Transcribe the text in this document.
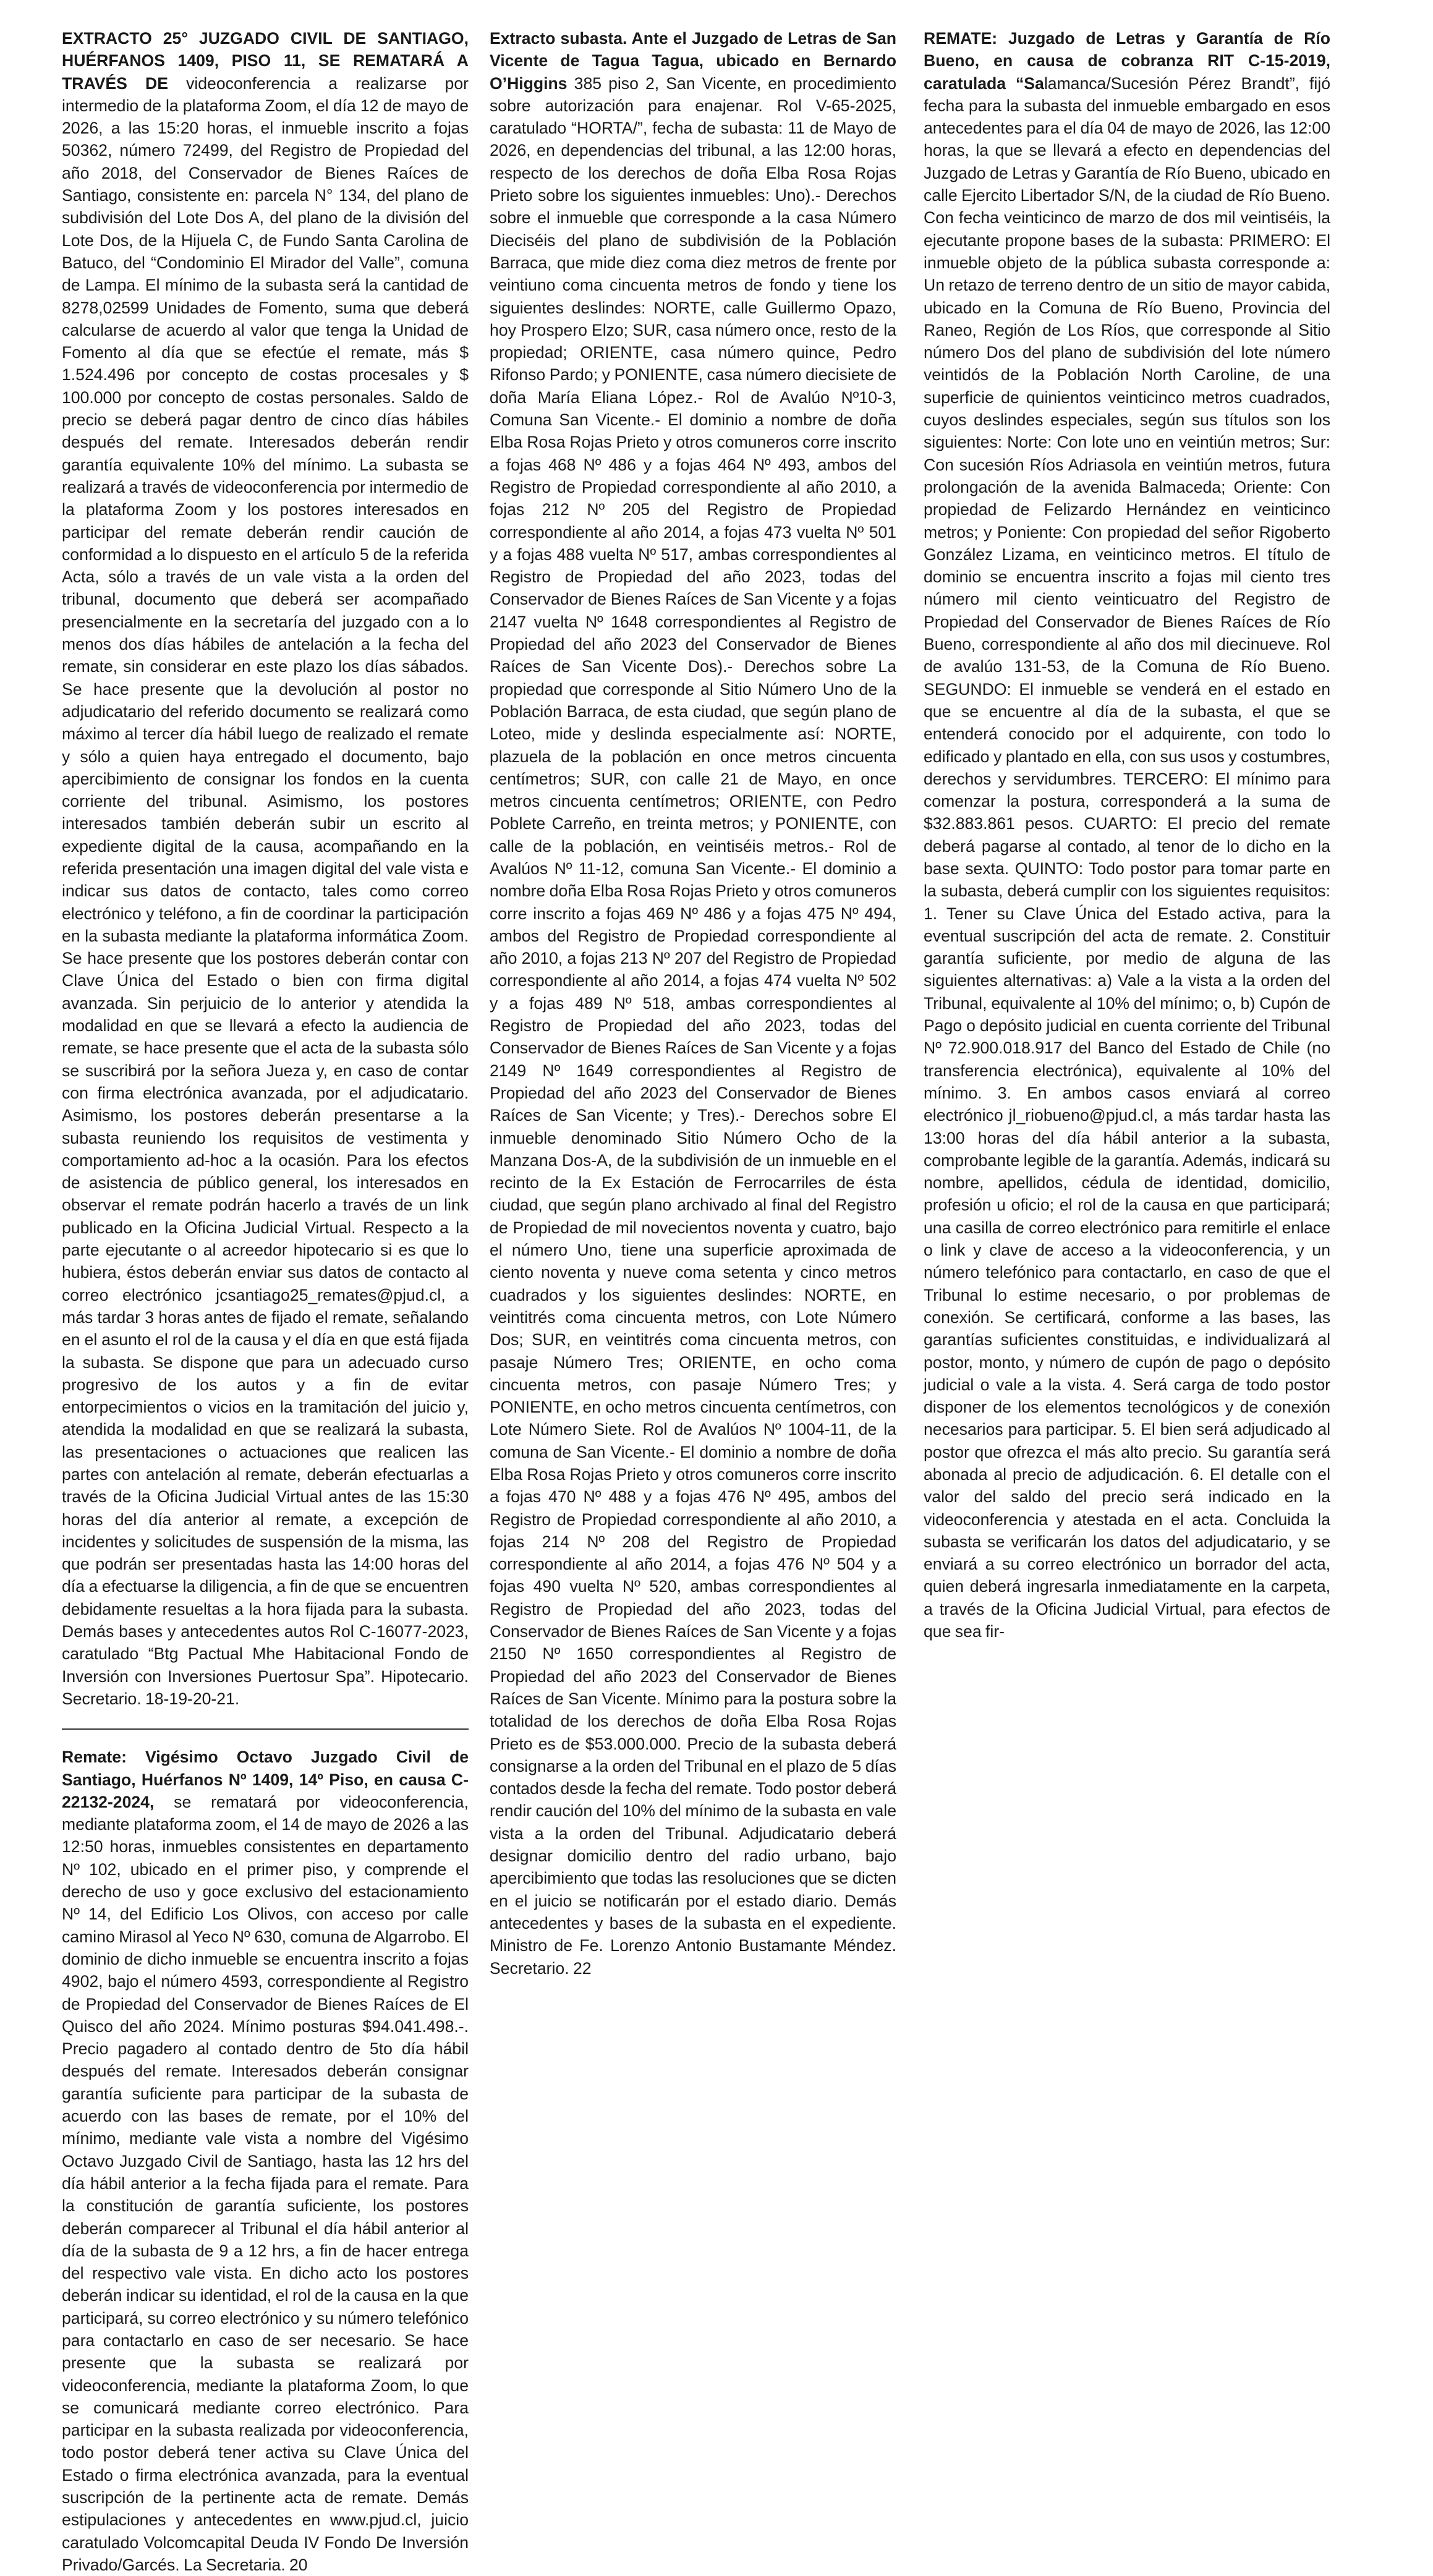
EXTRACTO 25° JUZGADO CIVIL DE SANTIAGO, HUÉRFANOS 1409, PISO 11, SE REMATARÁ A TRAVÉS DE videoconferencia a realizarse por intermedio de la plataforma Zoom, el día 12 de mayo de 2026, a las 15:20 horas, el inmueble inscrito a fojas 50362, número 72499, del Registro de Propiedad del año 2018, del Conservador de Bienes Raíces de Santiago, consistente en: parcela N° 134, del plano de subdivisión del Lote Dos A, del plano de la división del Lote Dos, de la Hijuela C, de Fundo Santa Carolina de Batuco, del “Condominio El Mirador del Valle”, comuna de Lampa. El mínimo de la subasta será la cantidad de 8278,02599 Unidades de Fomento, suma que deberá calcularse de acuerdo al valor que tenga la Unidad de Fomento al día que se efectúe el remate, más $ 1.524.496 por concepto de costas procesales y $ 100.000 por concepto de costas personales. Saldo de precio se deberá pagar dentro de cinco días hábiles después del remate. Interesados deberán rendir garantía equivalente 10% del mínimo. La subasta se realizará a través de videoconferencia por intermedio de la plataforma Zoom y los postores interesados en participar del remate deberán rendir caución de conformidad a lo dispuesto en el artículo 5 de la referida Acta, sólo a través de un vale vista a la orden del tribunal, documento que deberá ser acompañado presencialmente en la secretaría del juzgado con a lo menos dos días hábiles de antelación a la fecha del remate, sin considerar en este plazo los días sábados. Se hace presente que la devolución al postor no adjudicatario del referido documento se realizará como máximo al tercer día hábil luego de realizado el remate y sólo a quien haya entregado el documento, bajo apercibimiento de consignar los fondos en la cuenta corriente del tribunal. Asimismo, los postores interesados también deberán subir un escrito al expediente digital de la causa, acompañando en la referida presentación una imagen digital del vale vista e indicar sus datos de contacto, tales como correo electrónico y teléfono, a fin de coordinar la participación en la subasta mediante la plataforma informática Zoom. Se hace presente que los postores deberán contar con Clave Única del Estado o bien con firma digital avanzada. Sin perjuicio de lo anterior y atendida la modalidad en que se llevará a efecto la audiencia de remate, se hace presente que el acta de la subasta sólo se suscribirá por la señora Jueza y, en caso de contar con firma electrónica avanzada, por el adjudicatario. Asimismo, los postores deberán presentarse a la subasta reuniendo los requisitos de vestimenta y comportamiento ad-hoc a la ocasión. Para los efectos de asistencia de público general, los interesados en observar el remate podrán hacerlo a través de un link publicado en la Oficina Judicial Virtual. Respecto a la parte ejecutante o al acreedor hipotecario si es que lo hubiera, éstos deberán enviar sus datos de contacto al correo electrónico jcsantiago25_remates@pjud.cl, a más tardar 3 horas antes de fijado el remate, señalando en el asunto el rol de la causa y el día en que está fijada la subasta. Se dispone que para un adecuado curso progresivo de los autos y a fin de evitar entorpecimientos o vicios en la tramitación del juicio y, atendida la modalidad en que se realizará la subasta, las presentaciones o actuaciones que realicen las partes con antelación al remate, deberán efectuarlas a través de la Oficina Judicial Virtual antes de las 15:30 horas del día anterior al remate, a excepción de incidentes y solicitudes de suspensión de la misma, las que podrán ser presentadas hasta las 14:00 horas del día a efectuarse la diligencia, a fin de que se encuentren debidamente resueltas a la hora fijada para la subasta. Demás bases y antecedentes autos Rol C-16077-2023, caratulado “Btg Pactual Mhe Habitacional Fondo de Inversión con Inversiones Puertosur Spa”. Hipotecario. Secretario. 18-19-20-21.

Remate: Vigésimo Octavo Juzgado Civil de Santiago, Huérfanos Nº 1409, 14º Piso, en causa C-22132-2024, se rematará por videoconferencia, mediante plataforma zoom, el 14 de mayo de 2026 a las 12:50 horas, inmuebles consistentes en departamento Nº 102, ubicado en el primer piso, y comprende el derecho de uso y goce exclusivo del estacionamiento Nº 14, del Edificio Los Olivos, con acceso por calle camino Mirasol al Yeco Nº 630, comuna de Algarrobo. El dominio de dicho inmueble se encuentra inscrito a fojas 4902, bajo el número 4593, correspondiente al Registro de Propiedad del Conservador de Bienes Raíces de El Quisco del año 2024. Mínimo posturas $94.041.498.-. Precio pagadero al contado dentro de 5to día hábil después del remate. Interesados deberán consignar garantía suficiente para participar de la subasta de acuerdo con las bases de remate, por el 10% del mínimo, mediante vale vista a nombre del Vigésimo Octavo Juzgado Civil de Santiago, hasta las 12 hrs del día hábil anterior a la fecha fijada para el remate. Para la constitución de garantía suficiente, los postores deberán comparecer al Tribunal el día hábil anterior al día de la subasta de 9 a 12 hrs, a fin de hacer entrega del respectivo vale vista. En dicho acto los postores deberán indicar su identidad, el rol de la causa en la que participará, su correo electrónico y su número telefónico para contactarlo en caso de ser necesario. Se hace presente que la subasta se realizará por videoconferencia, mediante la plataforma Zoom, lo que se comunicará mediante correo electrónico. Para participar en la subasta realizada por videoconferencia, todo postor deberá tener activa su Clave Única del Estado o firma electrónica avanzada, para la eventual suscripción de la pertinente acta de remate. Demás estipulaciones y antecedentes en www.pjud.cl, juicio caratulado Volcomcapital Deuda IV Fondo De Inversión Privado/Garcés. La Secretaria. 20

Extracto subasta. Ante el Juzgado de Letras de San Vicente de Tagua Tagua, ubicado en Bernardo O’Higgins 385 piso 2, San Vicente, en procedimiento sobre autorización para enajenar. Rol V-65-2025, caratulado “HORTA/”, fecha de subasta: 11 de Mayo de 2026, en dependencias del tribunal, a las 12:00 horas, respecto de los derechos de doña Elba Rosa Rojas Prieto sobre los siguientes inmuebles: Uno).- Derechos sobre el inmueble que corresponde a la casa Número Dieciséis del plano de subdivisión de la Población Barraca, que mide diez coma diez metros de frente por veintiuno coma cincuenta metros de fondo y tiene los siguientes deslindes: NORTE, calle Guillermo Opazo, hoy Prospero Elzo; SUR, casa número once, resto de la propiedad; ORIENTE, casa número quince, Pedro Rifonso Pardo; y PONIENTE, casa número diecisiete de doña María Eliana López.- Rol de Avalúo Nº10-3, Comuna San Vicente.- El dominio a nombre de doña Elba Rosa Rojas Prieto y otros comuneros corre inscrito a fojas 468 Nº 486 y a fojas 464 Nº 493, ambos del Registro de Propiedad correspondiente al año 2010, a fojas 212 Nº 205 del Registro de Propiedad correspondiente al año 2014, a fojas 473 vuelta Nº 501 y a fojas 488 vuelta Nº 517, ambas correspondientes al Registro de Propiedad del año 2023, todas del Conservador de Bienes Raíces de San Vicente y a fojas 2147 vuelta Nº 1648 correspondientes al Registro de Propiedad del año 2023 del Conservador de Bienes Raíces de San Vicente Dos).- Derechos sobre La propiedad que corresponde al Sitio Número Uno de la Población Barraca, de esta ciudad, que según plano de Loteo, mide y deslinda especialmente así: NORTE, plazuela de la población en once metros cincuenta centímetros; SUR, con calle 21 de Mayo, en once metros cincuenta centímetros; ORIENTE, con Pedro Poblete Carreño, en treinta metros; y PONIENTE, con calle de la población, en veintiséis metros.- Rol de Avalúos Nº 11-12, comuna San Vicente.- El dominio a nombre doña Elba Rosa Rojas Prieto y otros comuneros corre inscrito a fojas 469 Nº 486 y a fojas 475 Nº 494, ambos del Registro de Propiedad correspondiente al año 2010, a fojas 213 Nº 207 del Registro de Propiedad correspondiente al año 2014, a fojas 474 vuelta Nº 502 y a fojas 489 Nº 518, ambas correspondientes al Registro de Propiedad del año 2023, todas del Conservador de Bienes Raíces de San Vicente y a fojas 2149 Nº 1649 correspondientes al Registro de Propiedad del año 2023 del Conservador de Bienes Raíces de San Vicente; y Tres).- Derechos sobre El inmueble denominado Sitio Número Ocho de la Manzana Dos-A, de la subdivisión de un inmueble en el recinto de la Ex Estación de Ferrocarriles de ésta ciudad, que según plano archivado al final del Registro de Propiedad de mil novecientos noventa y cuatro, bajo el número Uno, tiene una superficie aproximada de ciento noventa y nueve coma setenta y cinco metros cuadrados y los siguientes deslindes: NORTE, en veintitrés coma cincuenta metros, con Lote Número Dos; SUR, en veintitrés coma cincuenta metros, con pasaje Número Tres; ORIENTE, en ocho coma cincuenta metros, con pasaje Número Tres; y PONIENTE, en ocho metros cincuenta centímetros, con Lote Número Siete. Rol de Avalúos Nº 1004-11, de la comuna de San Vicente.- El dominio a nombre de doña Elba Rosa Rojas Prieto y otros comuneros corre inscrito a fojas 470 Nº 488 y a fojas 476 Nº 495, ambos del Registro de Propiedad correspondiente al año 2010, a fojas 214 Nº 208 del Registro de Propiedad correspondiente al año 2014, a fojas 476 Nº 504 y a fojas 490 vuelta Nº 520, ambas correspondientes al Registro de Propiedad del año 2023, todas del Conservador de Bienes Raíces de San Vicente y a fojas 2150 Nº 1650 correspondientes al Registro de Propiedad del año 2023 del Conservador de Bienes Raíces de San Vicente. Mínimo para la postura sobre la totalidad de los derechos de doña Elba Rosa Rojas Prieto es de $53.000.000. Precio de la subasta deberá consignarse a la orden del Tribunal en el plazo de 5 días contados desde la fecha del remate. Todo postor deberá rendir caución del 10% del mínimo de la subasta en vale vista a la orden del Tribunal. Adjudicatario deberá designar domicilio dentro del radio urbano, bajo apercibimiento que todas las resoluciones que se dicten en el juicio se notificarán por el estado diario. Demás antecedentes y bases de la subasta en el expediente. Ministro de Fe. Lorenzo Antonio Bustamante Méndez. Secretario. 22

REMATE: Juzgado de Letras y Garantía de Río Bueno, en causa de cobranza RIT C-15-2019, caratulada “Salamanca/Sucesión Pérez Brandt”, fijó fecha para la subasta del inmueble embargado en esos antecedentes para el día 04 de mayo de 2026, las 12:00 horas, la que se llevará a efecto en dependencias del Juzgado de Letras y Garantía de Río Bueno, ubicado en calle Ejercito Libertador S/N, de la ciudad de Río Bueno. Con fecha veinticinco de marzo de dos mil veintiséis, la ejecutante propone bases de la subasta: PRIMERO: El inmueble objeto de la pública subasta corresponde a: Un retazo de terreno dentro de un sitio de mayor cabida, ubicado en la Comuna de Río Bueno, Provincia del Raneo, Región de Los Ríos, que corresponde al Sitio número Dos del plano de subdivisión del lote número veintidós de la Población North Caroline, de una superficie de quinientos veinticinco metros cuadrados, cuyos deslindes especiales, según sus títulos son los siguientes: Norte: Con lote uno en veintiún metros; Sur: Con sucesión Ríos Adriasola en veintiún metros, futura prolongación de la avenida Balmaceda; Oriente: Con propiedad de Felizardo Hernández en veinticinco metros; y Poniente: Con propiedad del señor Rigoberto González Lizama, en veinticinco metros. El título de dominio se encuentra inscrito a fojas mil ciento tres número mil ciento veinticuatro del Registro de Propiedad del Conservador de Bienes Raíces de Río Bueno, correspondiente al año dos mil diecinueve. Rol de avalúo 131-53, de la Comuna de Río Bueno. SEGUNDO: El inmueble se venderá en el estado en que se encuentre al día de la subasta, el que se entenderá conocido por el adquirente, con todo lo edificado y plantado en ella, con sus usos y costumbres, derechos y servidumbres. TERCERO: El mínimo para comenzar la postura, corresponderá a la suma de $32.883.861 pesos. CUARTO: El precio del remate deberá pagarse al contado, al tenor de lo dicho en la base sexta. QUINTO: Todo postor para tomar parte en la subasta, deberá cumplir con los siguientes requisitos: 1. Tener su Clave Única del Estado activa, para la eventual suscripción del acta de remate. 2. Constituir garantía suficiente, por medio de alguna de las siguientes alternativas: a) Vale a la vista a la orden del Tribunal, equivalente al 10% del mínimo; o, b) Cupón de Pago o depósito judicial en cuenta corriente del Tribunal Nº 72.900.018.917 del Banco del Estado de Chile (no transferencia electrónica), equivalente al 10% del mínimo. 3. En ambos casos enviará al correo electrónico jl_riobueno@pjud.cl, a más tardar hasta las 13:00 horas del día hábil anterior a la subasta, comprobante legible de la garantía. Además, indicará su nombre, apellidos, cédula de identidad, domicilio, profesión u oficio; el rol de la causa en que participará; una casilla de correo electrónico para remitirle el enlace o link y clave de acceso a la videoconferencia, y un número telefónico para contactarlo, en caso de que el Tribunal lo estime necesario, o por problemas de conexión. Se certificará, conforme a las bases, las garantías suficientes constituidas, e individualizará al postor, monto, y número de cupón de pago o depósito judicial o vale a la vista. 4. Será carga de todo postor disponer de los elementos tecnológicos y de conexión necesarios para participar. 5. El bien será adjudicado al postor que ofrezca el más alto precio. Su garantía será abonada al precio de adjudicación. 6. El detalle con el valor del saldo del precio será indicado en la videoconferencia y atestada en el acta. Concluida la subasta se verificarán los datos del adjudicatario, y se enviará a su correo electrónico un borrador del acta, quien deberá ingresarla inmediatamente en la carpeta, a través de la Oficina Judicial Virtual, para efectos de que sea fir-
